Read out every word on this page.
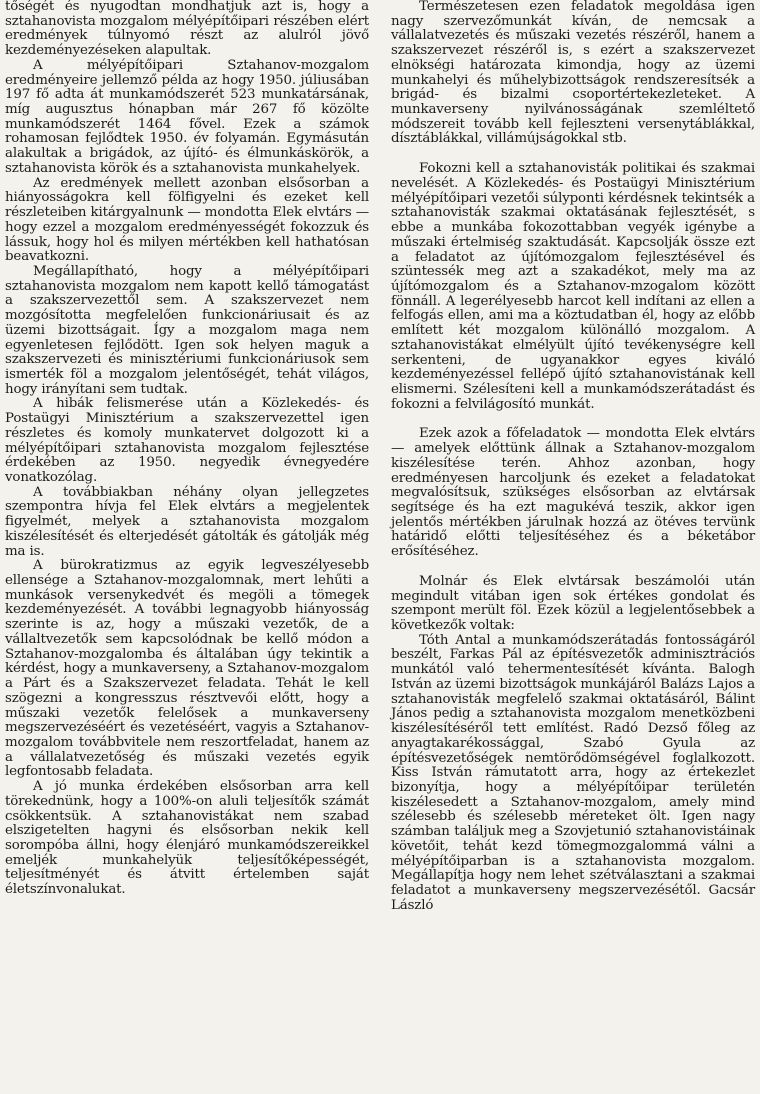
tőségét és nyugodtan mondhatjuk azt is, hogy a sztahanovista mozgalom mélyépítőipari részében elért eredmények túlnyomó részt az alulról jövő kezdeményezéseken alapultak.

A mélyépítőipari Sztahanov-mozgalom eredményeire jellemző példa az hogy 1950. júliusában 197 fő adta át munkamódszerét 523 munkatársának, míg augusztus hónapban már 267 fő közölte munkamódszerét 1464 fővel. Ezek a számok rohamosan fejlődtek 1950. év folyamán. Egymásután alakultak a brigádok, az újító- és élmunkáskörök, a sztahanovista körök és a sztahanovista munkahelyek.

Az eredmények mellett azonban elsősorban a hiányosságokra kell fölfigyelni és ezeket kell részleteiben kitárgyalnunk — mondotta Elek elvtárs — hogy ezzel a mozgalom eredményességét fokozzuk és lássuk, hogy hol és milyen mértékben kell hathatósan beavatkozni.

Megállapítható, hogy a mélyépítőipari sztahanovista mozgalom nem kapott kellő támogatást a szakszervezettől sem. A szakszervezet nem mozgósította megfelelően funkcionáriusait és az üzemi bizottságait. Így a mozgalom maga nem egyenletesen fejlődött. Igen sok helyen maguk a szakszervezeti és minisztériumi funkcionáriusok sem ismerték föl a mozgalom jelentőségét, tehát világos, hogy irányítani sem tudtak.

A hibák felismerése után a Közlekedés- és Postaügyi Minisztérium a szakszervezettel igen részletes és komoly munkatervet dolgozott ki a mélyépítőipari sztahanovista mozgalom fejlesztése érdekében az 1950. negyedik évnegyedére vonatkozólag.

A továbbiakban néhány olyan jellegzetes szempontra hívja fel Elek elvtárs a megjelentek figyelmét, melyek a sztahanovista mozgalom kiszélesítését és elterjedését gátolták és gátolják még ma is.

A bürokratizmus az egyik legveszélyesebb ellensége a Sztahanov-mozgalomnak, mert lehűti a munkások versenykedvét és megöli a tömegek kezdeményezését. A további legnagyobb hiányosság szerinte is az, hogy a műszaki vezetők, de a vállaltvezetők sem kapcsolódnak be kellő módon a Sztahanov-mozgalomba és általában úgy tekintik a kérdést, hogy a munkaverseny, a Sztahanov-mozgalom a Párt és a Szakszervezet feladata. Tehát le kell szögezni a kongresszus résztvevői előtt, hogy a műszaki vezetők felelősek a munkaverseny megszervezéséért és vezetéséért, vagyis a Sztahanov-mozgalom továbbvitele nem reszortfeladat, hanem az a vállalatvezetőség és műszaki vezetés egyik legfontosabb feladata.

A jó munka érdekében elsősorban arra kell törekednünk, hogy a 100%-on aluli teljesítők számát csökkentsük. A sztahanovistákat nem szabad elszigetelten hagyni és elsősorban nekik kell sorompóba állni, hogy élenjáró munkamódszereikkel emeljék munkahelyük teljesítőképességét, teljesítményét és átvitt értelemben saját életszínvonalukat.

Természetesen ezen feladatok megoldása igen nagy szervezőmunkát kíván, de nemcsak a vállalatvezetés és műszaki vezetés részéről, hanem a szakszervezet részéről is, s ezért a szakszervezet elnökségi határozata kimondja, hogy az üzemi munkahelyi és műhelybizottságok rendszeresítsék a brigád- és bizalmi csoportértekezleteket. A munkaverseny nyilvánosságának szemléltető módszereit tovább kell fejleszteni versenytáblákkal, dísztáblákkal, villámújságokkal stb.

Fokozni kell a sztahanovisták politikai és szakmai nevelését. A Közlekedés- és Postaügyi Minisztérium mélyépítőipari vezetői súlyponti kérdésnek tekintsék a sztahanovisták szakmai oktatásának fejlesztését, s ebbe a munkába fokozottabban vegyék igénybe a műszaki értelmiség szaktudását. Kapcsolják össze ezt a feladatot az újítómozgalom fejlesztésével és szüntessék meg azt a szakadékot, mely ma az újítómozgalom és a Sztahanov-mzogalom között fönnáll. A legerélyesebb harcot kell indítani az ellen a felfogás ellen, ami ma a köztudatban él, hogy az előbb említett két mozgalom különálló mozgalom. A sztahanovistákat elmélyült újító tevékenységre kell serkenteni, de ugyanakkor egyes kiváló kezdeményezéssel fellépő újító sztahanovistának kell elismerni. Szélesíteni kell a munkamódszerátadást és fokozni a felvilágosító munkát.

Ezek azok a főfeladatok — mondotta Elek elvtárs — amelyek előttünk állnak a Sztahanov-mozgalom kiszélesítése terén. Ahhoz azonban, hogy eredményesen harcoljunk és ezeket a feladatokat megvalósítsuk, szükséges elsősorban az elvtársak segítsége és ha ezt magukévá teszik, akkor igen jelentős mértékben járulnak hozzá az ötéves tervünk határidő előtti teljesítéséhez és a béketábor erősítéséhez.

Molnár és Elek elvtársak beszámolói után megindult vitában igen sok értékes gondolat és szempont merült föl. Ezek közül a legjelentősebbek a következők voltak:

Tóth Antal a munkamódszerátadás fontosságáról beszélt, Farkas Pál az építésvezetők adminisztrációs munkától való tehermentesítését kívánta. Balogh István az üzemi bizottságok munkájáról Balázs Lajos a sztahanovisták megfelelő szakmai oktatásáról, Bálint János pedig a sztahanovista mozgalom menetközbeni kiszélesítéséről tett említést. Radó Dezső főleg az anyagtakarékossággal, Szabó Gyula az építésvezetőségek nemtörődömségével foglalkozott. Kiss István rámutatott arra, hogy az értekezlet bizonyítja, hogy a mélyépítőipar területén kiszélesedett a Sztahanov-mozgalom, amely mind szélesebb és szélesebb méreteket ölt. Igen nagy számban találjuk meg a Szovjetunió sztahanovistáinak követőit, tehát kezd tömegmozgalommá válni a mélyépítőiparban is a sztahanovista mozgalom. Megállapítja hogy nem lehet szétválasztani a szakmai feladatot a munkaverseny megszervezésétől. Gacsár László
